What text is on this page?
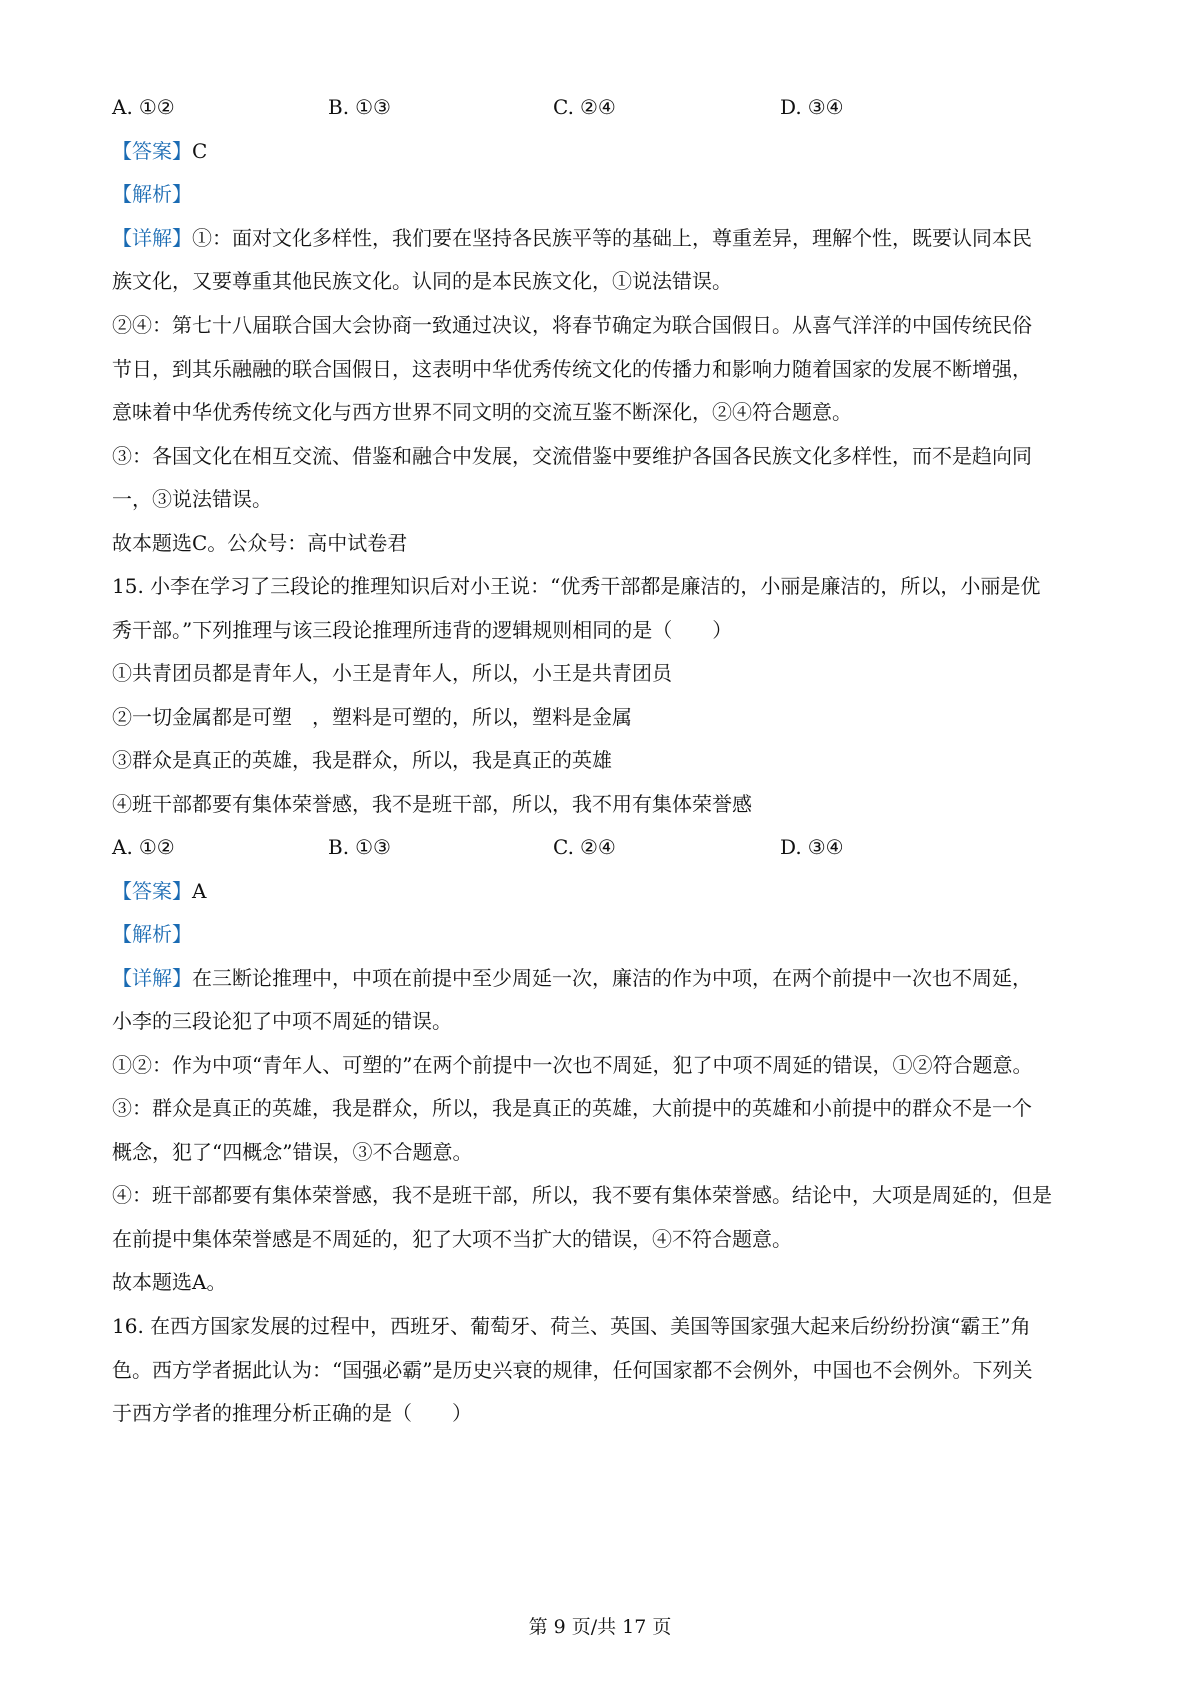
A. ①②	B. ①③	C. ②④	D. ③④
【答案】C
【解析】
【详解】①：面对文化多样性，我们要在坚持各民族平等的基础上，尊重差异，理解个性，既要认同本民
族文化，又要尊重其他民族文化。认同的是本民族文化，①说法错误。
②④：第七十八届联合国大会协商一致通过决议，将春节确定为联合国假日。从喜气洋洋的中国传统民俗
节日，到其乐融融的联合国假日，这表明中华优秀传统文化的传播力和影响力随着国家的发展不断增强，
意味着中华优秀传统文化与西方世界不同文明的交流互鉴不断深化，②④符合题意。
③：各国文化在相互交流、借鉴和融合中发展，交流借鉴中要维护各国各民族文化多样性，而不是趋向同
一，③说法错误。
故本题选C。公众号：高中试卷君
15. 小李在学习了三段论的推理知识后对小王说：“优秀干部都是廉洁的，小丽是廉洁的，所以，小丽是优
秀干部。”下列推理与该三段论推理所违背的逻辑规则相同的是（　　）
①共青团员都是青年人，小王是青年人，所以，小王是共青团员
②一切金属都是可塑　，塑料是可塑的，所以，塑料是金属
③群众是真正的英雄，我是群众，所以，我是真正的英雄
④班干部都要有集体荣誉感，我不是班干部，所以，我不用有集体荣誉感
A. ①②	B. ①③	C. ②④	D. ③④
【答案】A
【解析】
【详解】在三断论推理中，中项在前提中至少周延一次，廉洁的作为中项，在两个前提中一次也不周延，
小李的三段论犯了中项不周延的错误。
①②：作为中项“青年人、可塑的”在两个前提中一次也不周延，犯了中项不周延的错误，①②符合题意。
③：群众是真正的英雄，我是群众，所以，我是真正的英雄，大前提中的英雄和小前提中的群众不是一个
概念，犯了“四概念”错误，③不合题意。
④：班干部都要有集体荣誉感，我不是班干部，所以，我不要有集体荣誉感。结论中，大项是周延的，但是
在前提中集体荣誉感是不周延的，犯了大项不当扩大的错误，④不符合题意。
故本题选A。
16. 在西方国家发展的过程中，西班牙、葡萄牙、荷兰、英国、美国等国家强大起来后纷纷扮演“霸王”角
色。西方学者据此认为：“国强必霸”是历史兴衰的规律，任何国家都不会例外，中国也不会例外。下列关
于西方学者的推理分析正确的是（　　）
第 9 页/共 17 页
